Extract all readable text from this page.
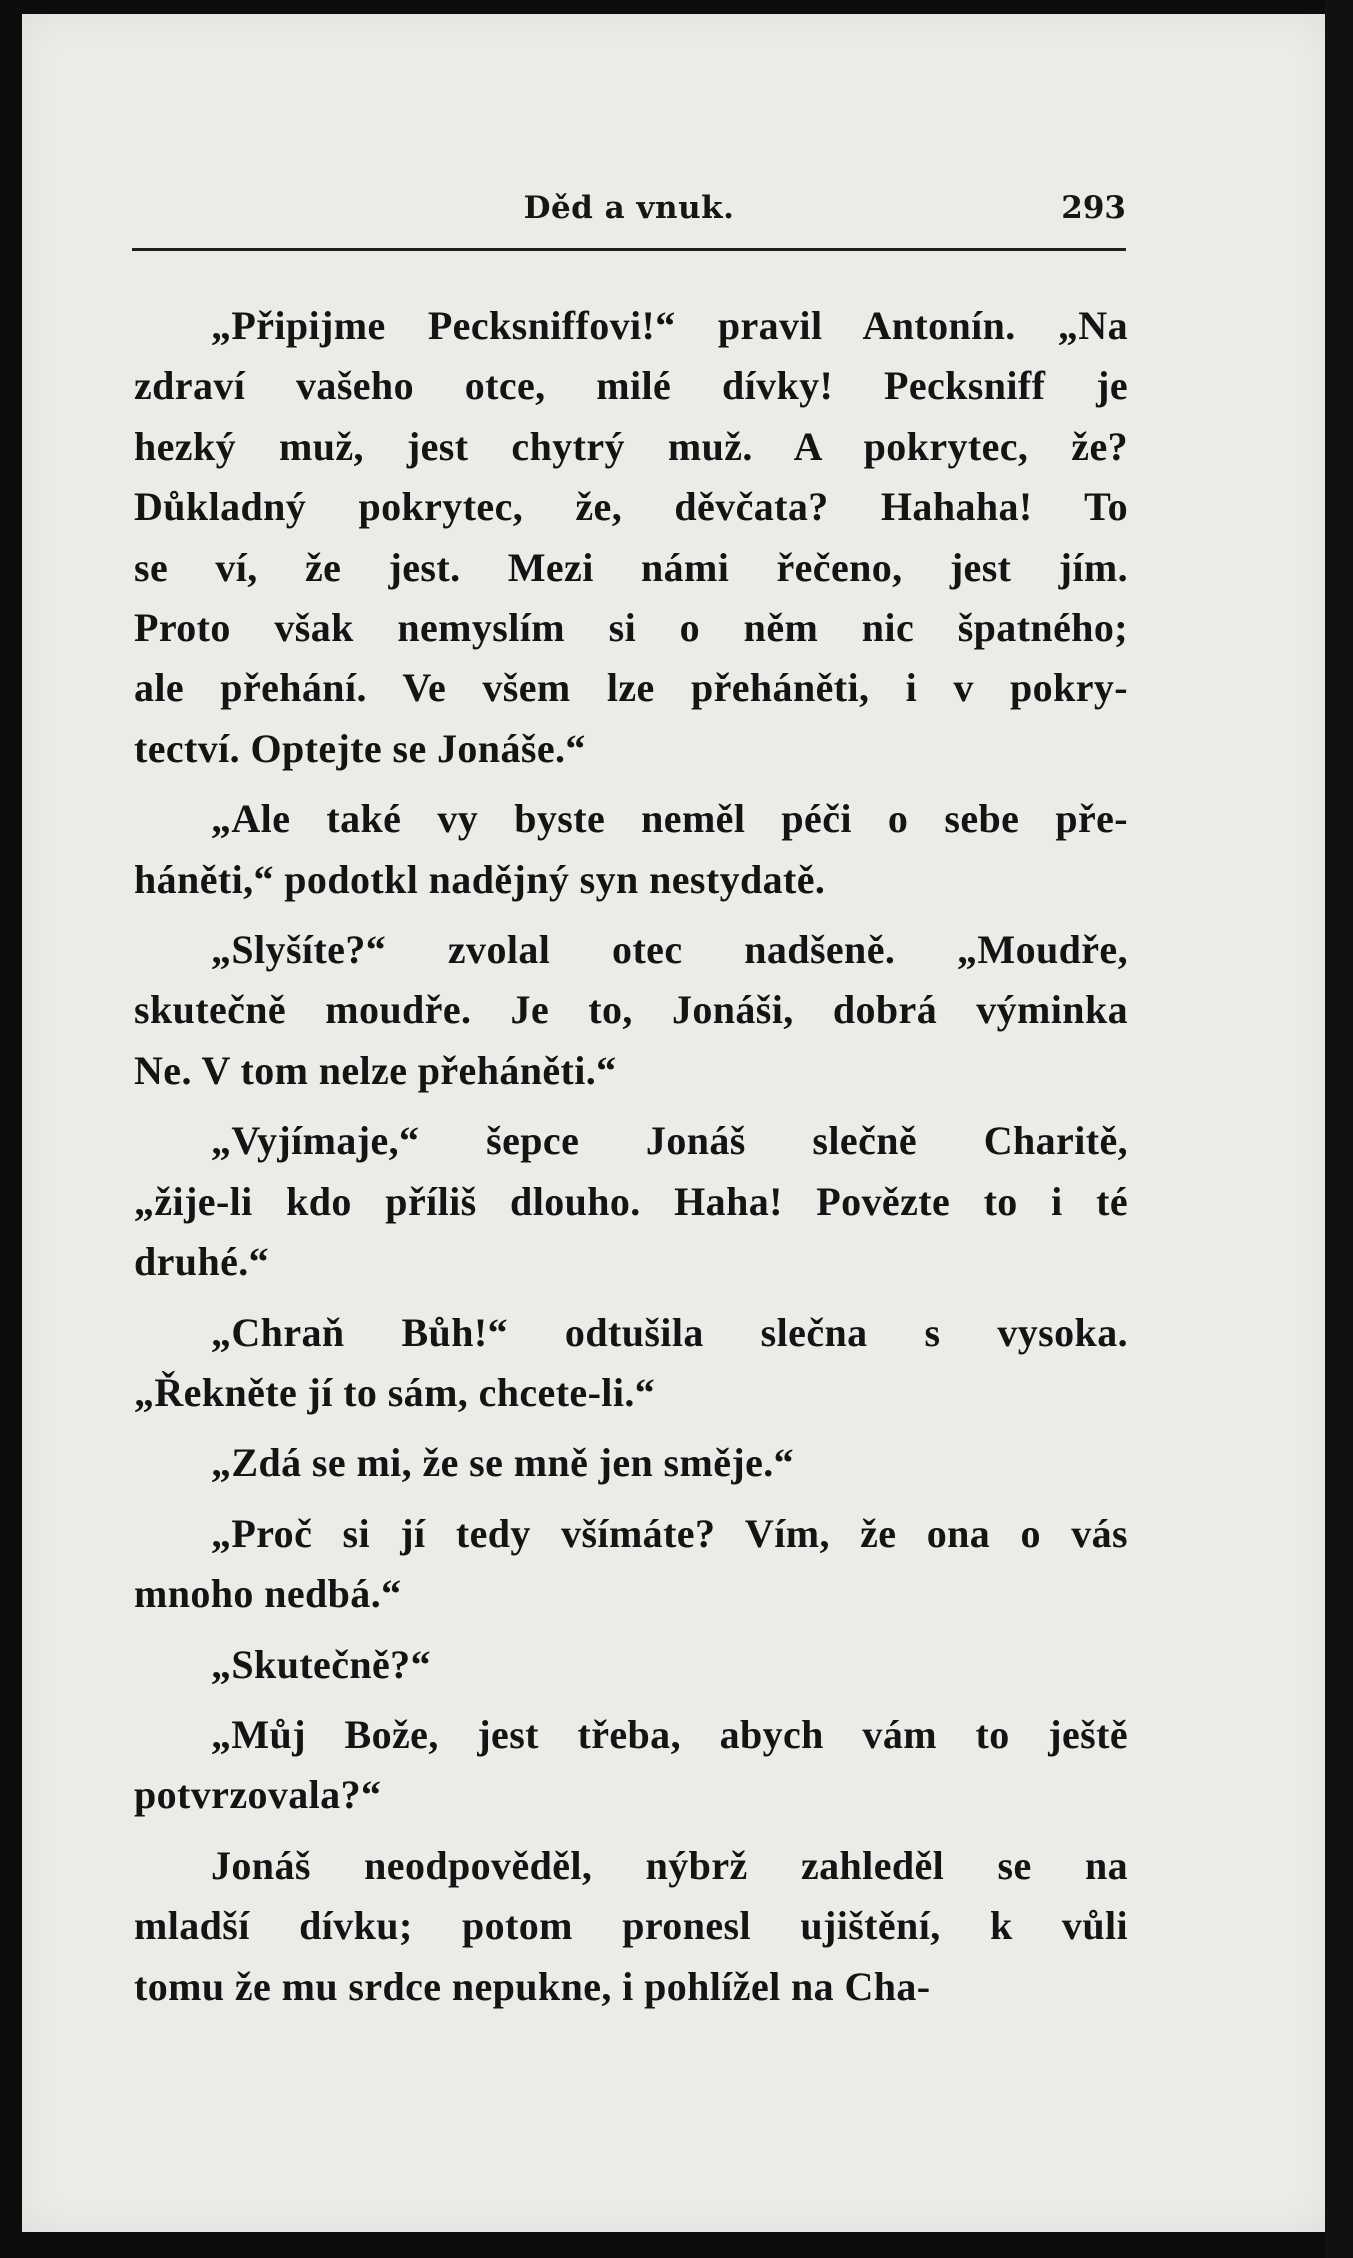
Děd a vnuk.	293
„Připijme Pecksniffovi!“ pravil Antonín. „Na
zdraví vašeho otce, milé dívky! Pecksniff je
hezký muž, jest chytrý muž. A pokrytec, že?
Důkladný pokrytec, že, děvčata? Hahaha! To
se ví, že jest. Mezi námi řečeno, jest jím.
Proto však nemyslím si o něm nic špatného;
ale přehání. Ve všem lze přeháněti, i v pokry-
tectví. Optejte se Jonáše.“
„Ale také vy byste neměl péči o sebe pře-
háněti,“ podotkl nadějný syn nestydatě.
„Slyšíte?“ zvolal otec nadšeně. „Moudře,
skutečně moudře. Je to, Jonáši, dobrá výminka
Ne. V tom nelze přeháněti.“
„Vyjímaje,“ šepce Jonáš slečně Charitě,
„žije-li kdo příliš dlouho. Haha! Povězte to i té
druhé.“
„Chraň Bůh!“ odtušila slečna s vysoka.
„Řekněte jí to sám, chcete-li.“
„Zdá se mi, že se mně jen směje.“
„Proč si jí tedy všímáte? Vím, že ona o vás
mnoho nedbá.“
„Skutečně?“
„Můj Bože, jest třeba, abych vám to ještě
potvrzovala?“
Jonáš neodpověděl, nýbrž zahleděl se na
mladší dívku; potom pronesl ujištění, k vůli
tomu že mu srdce nepukne, i pohlížel na Cha-
